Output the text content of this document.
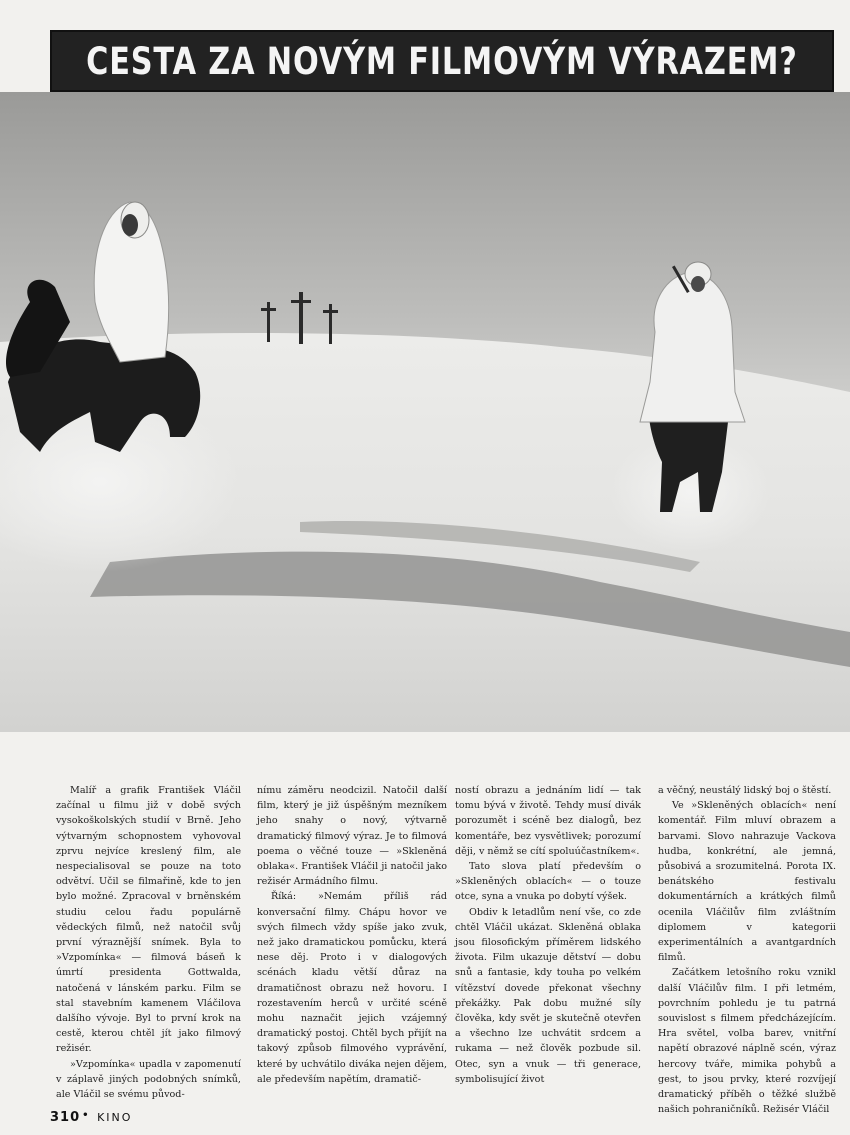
CESTA ZA NOVÝM FILMOVÝM VÝRAZEM?

Malíř a grafik František Vláčil začínal u filmu již v době svých vysokoškolských studií v Brně. Jeho výtvarným schopnostem vyhovoval zprvu nejvíce kreslený film, ale nespecialisoval se pouze na toto odvětví. Učil se filmařině, kde to jen bylo možné. Zpracoval v brněnském studiu celou řadu populárně vědeckých filmů, než natočil svůj první výraznější snímek. Byla to »Vzpomínka« — filmová báseň k úmrtí presidenta Gottwalda, natočená v lánském parku. Film se stal stavebním kamenem Vláčilova dalšího vývoje. Byl to první krok na cestě, kterou chtěl jít jako filmový režisér.

»Vzpomínka« upadla v zapomenutí v záplavě jiných podobných snímků, ale Vláčil se svému původ-

nímu záměru neodcizil. Natočil další film, který je již úspěšným mezníkem jeho snahy o nový, výtvarně dramatický filmový výraz. Je to filmová poema o věčné touze — »Skleněná oblaka«. František Vláčil ji natočil jako režisér Armádního filmu.

Říká: »Nemám příliš rád konversační filmy. Chápu hovor ve svých filmech vždy spíše jako zvuk, než jako dramatickou pomůcku, která nese děj. Proto i v dialogových scénách kladu větší důraz na dramatičnost obrazu než hovoru. I rozestavením herců v určité scéně mohu naznačit jejich vzájemný dramatický postoj. Chtěl bych přijít na takový způsob filmového vyprávění, které by uchvátilo diváka nejen dějem, ale především napětím, dramatič-

ností obrazu a jednáním lidí — tak tomu bývá v životě. Tehdy musí divák porozumět i scéně bez dialogů, bez komentáře, bez vysvětlivek; porozumí ději, v němž se cítí spoluúčastníkem«.

Tato slova platí především o »Skleněných oblacích« — o touze otce, syna a vnuka po dobytí výšek.

Obdiv k letadlům není vše, co zde chtěl Vláčil ukázat. Skleněná oblaka jsou filosofickým příměrem lidského života. Film ukazuje dětství — dobu snů a fantasie, kdy touha po velkém vítězství dovede překonat všechny překážky. Pak dobu mužné síly člověka, kdy svět je skutečně otevřen a všechno lze uchvátit srdcem a rukama — než člověk pozbude sil. Otec, syn a vnuk — tři generace, symbolisující život

a věčný, neustálý lidský boj o štěstí.

Ve »Skleněných oblacích« není komentář. Film mluví obrazem a barvami. Slovo nahrazuje Vackova hudba, konkrétní, ale jemná, působivá a srozumitelná. Porota IX. benátského festivalu dokumentárních a krátkých filmů ocenila Vláčilův film zvláštním diplomem v kategorii experimentálních a avantgardních filmů.

Začátkem letošního roku vznikl další Vláčilův film. I při letmém, povrchním pohledu je tu patrná souvislost s filmem předcházejícím. Hra světel, volba barev, vnitřní napětí obrazové náplně scén, výraz hercovy tváře, mimika pohybů a gest, to jsou prvky, které rozvíjejí dramatický příběh o těžké službě našich pohraničníků. Režisér Vláčil

310 • KINO
